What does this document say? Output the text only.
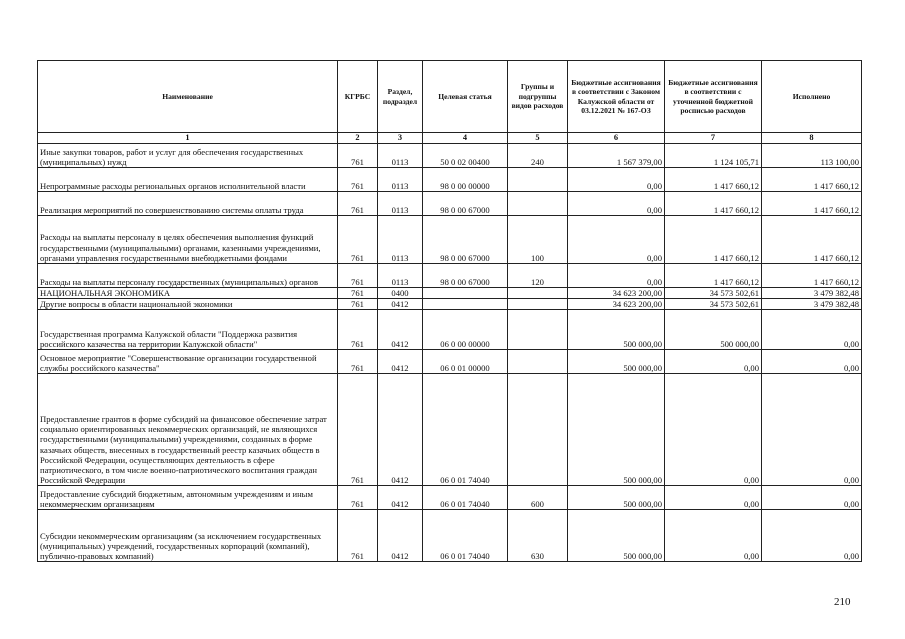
Наименование	КГРБС	Раздел, подраздел	Целевая статья	Группы и подгруппы видов расходов	Бюджетные ассигнования в соответствии с Законом Калужской области от 03.12.2021 № 167-ОЗ	Бюджетные ассигнования в соответствии с уточненной бюджетной росписью расходов	Исполнено
1	2	3	4	5	6	7	8
Иные закупки товаров, работ и услуг для обеспечения государственных (муниципальных) нужд	761	0113	50 0 02 00400	240	1 567 379,00	1 124 105,71	113 100,00
Непрограммные расходы региональных органов исполнительной власти	761	0113	98 0 00 00000		0,00	1 417 660,12	1 417 660,12
Реализация мероприятий по совершенствованию системы оплаты труда	761	0113	98 0 00 67000		0,00	1 417 660,12	1 417 660,12
Расходы на выплаты персоналу в целях обеспечения выполнения функций государственными (муниципальными) органами, казенными учреждениями, органами управления государственными внебюджетными фондами	761	0113	98 0 00 67000	100	0,00	1 417 660,12	1 417 660,12
Расходы на выплаты персоналу государственных (муниципальных) органов	761	0113	98 0 00 67000	120	0,00	1 417 660,12	1 417 660,12
НАЦИОНАЛЬНАЯ ЭКОНОМИКА	761	0400			34 623 200,00	34 573 502,61	3 479 382,48
Другие вопросы в области национальной экономики	761	0412			34 623 200,00	34 573 502,61	3 479 382,48
Государственная программа Калужской области "Поддержка развития российского казачества на территории Калужской области"	761	0412	06 0 00 00000		500 000,00	500 000,00	0,00
Основное мероприятие "Совершенствование организации государственной службы российского казачества"	761	0412	06 0 01 00000		500 000,00	0,00	0,00
Предоставление грантов в форме субсидий на финансовое обеспечение затрат социально ориентированных некоммерческих организаций, не являющихся государственными (муниципальными) учреждениями, созданных в форме казачьих обществ, внесенных в государственный реестр казачьих обществ в Российской Федерации, осуществляющих деятельность в сфере патриотического, в том числе военно-патриотического воспитания граждан Российской Федерации	761	0412	06 0 01 74040		500 000,00	0,00	0,00
Предоставление субсидий бюджетным, автономным учреждениям и иным некоммерческим организациям	761	0412	06 0 01 74040	600	500 000,00	0,00	0,00
Субсидии некоммерческим организациям (за исключением государственных (муниципальных) учреждений, государственных корпораций (компаний), публично-правовых компаний)	761	0412	06 0 01 74040	630	500 000,00	0,00	0,00
210
